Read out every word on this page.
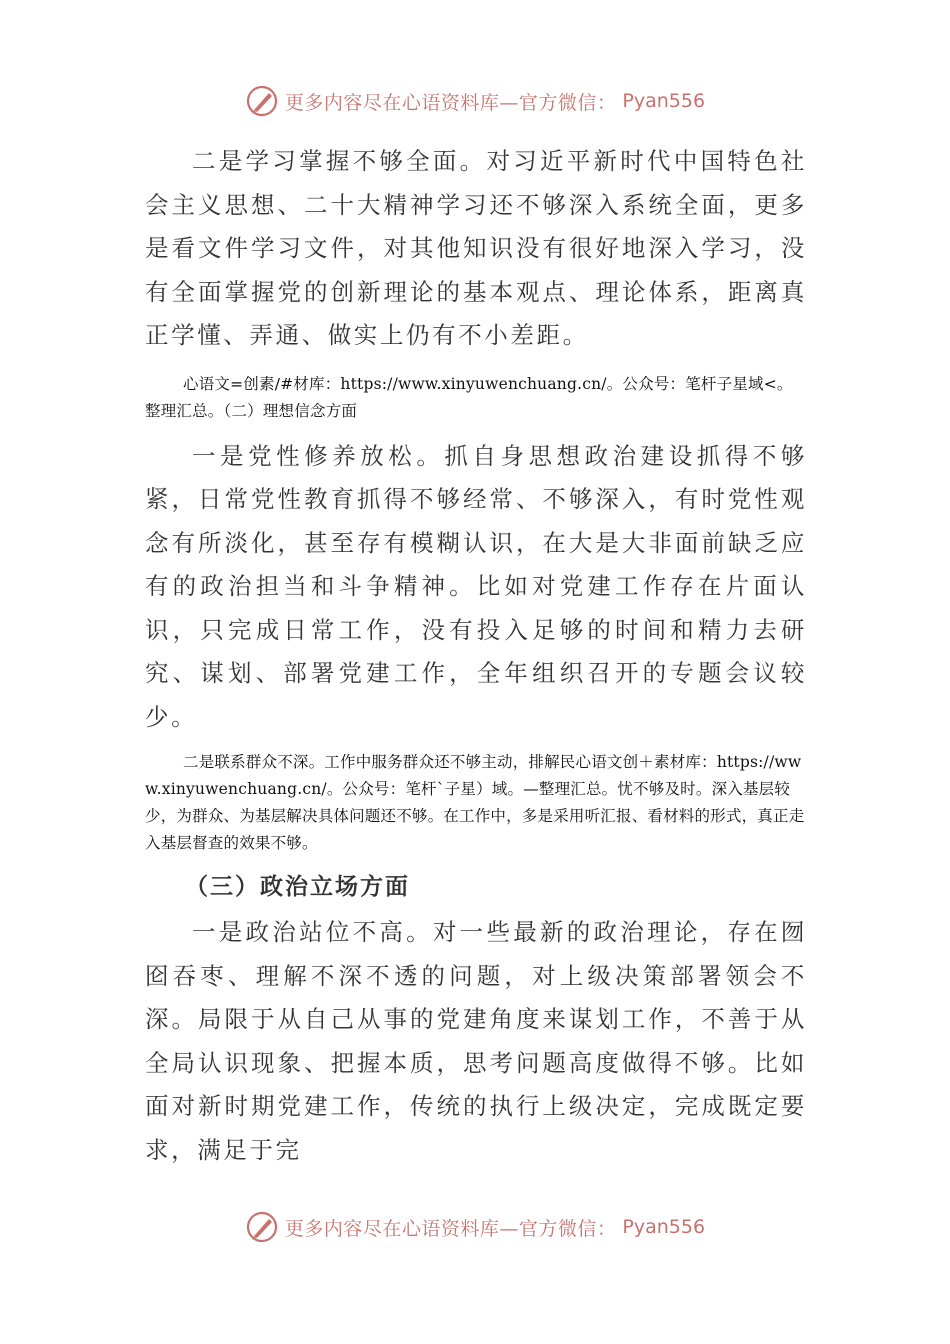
更多内容尽在心语资料库—官方微信： Pyan556

二是学习掌握不够全面。对习近平新时代中国特色社会主义思想、二十大精神学习还不够深入系统全面，更多是看文件学习文件，对其他知识没有很好地深入学习，没有全面掌握党的创新理论的基本观点、理论体系，距离真正学懂、弄通、做实上仍有不小差距。

心语文=创素/#材库：https://www.xinyuwenchuang.cn/。公众号：笔杆子星域<。整理汇总。（二）理想信念方面

一是党性修养放松。抓自身思想政治建设抓得不够紧，日常党性教育抓得不够经常、不够深入，有时党性观念有所淡化，甚至存有模糊认识，在大是大非面前缺乏应有的政治担当和斗争精神。比如对党建工作存在片面认识，只完成日常工作，没有投入足够的时间和精力去研究、谋划、部署党建工作，全年组织召开的专题会议较少。

二是联系群众不深。工作中服务群众还不够主动，排解民心语文创＋素材库：https://www.xinyuwenchuang.cn/。公众号：笔杆`子星）域。—整理汇总。忧不够及时。深入基层较少，为群众、为基层解决具体问题还不够。在工作中，多是采用听汇报、看材料的形式，真正走入基层督查的效果不够。

（三）政治立场方面

一是政治站位不高。对一些最新的政治理论，存在囫囵吞枣、理解不深不透的问题，对上级决策部署领会不深。局限于从自己从事的党建角度来谋划工作，不善于从全局认识现象、把握本质，思考问题高度做得不够。比如面对新时期党建工作，传统的执行上级决定，完成既定要求，满足于完

更多内容尽在心语资料库—官方微信： Pyan556
